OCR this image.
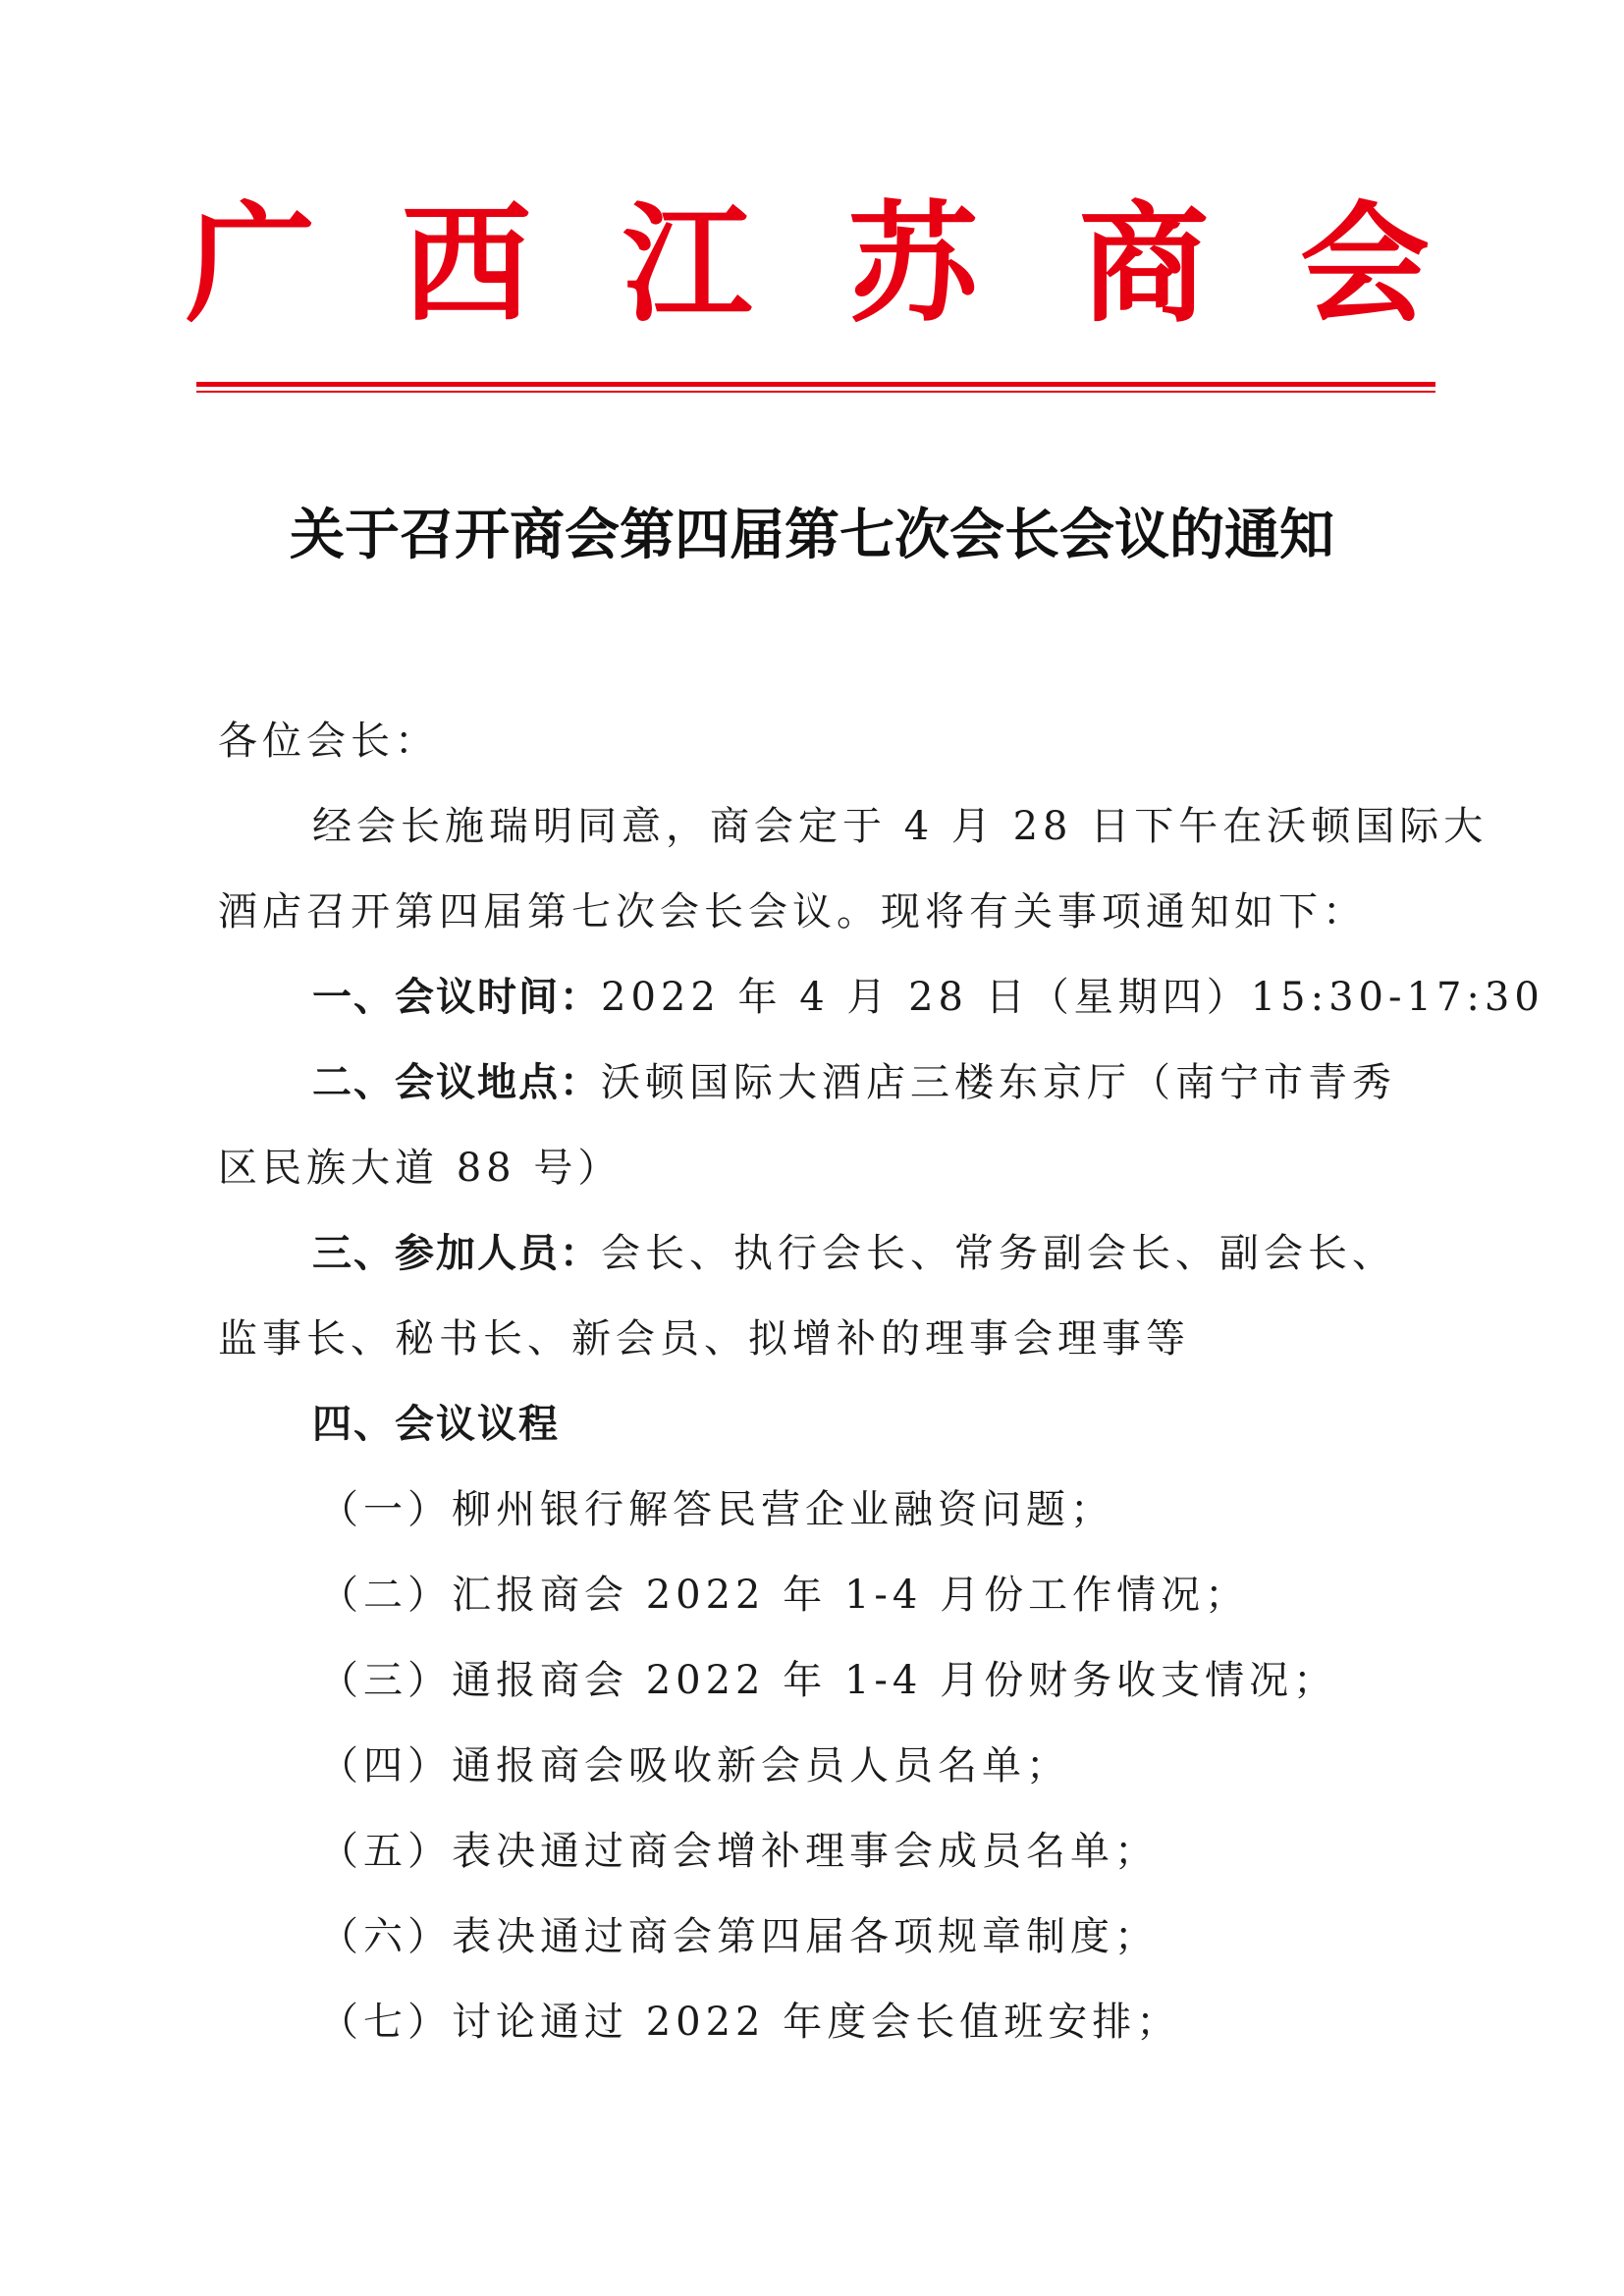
广 西 江 苏 商 会
关于召开商会第四届第七次会长会议的通知
各位会长：
经会长施瑞明同意，商会定于 4 月 28 日下午在沃顿国际大
酒店召开第四届第七次会长会议。现将有关事项通知如下：
一、会议时间：2022 年 4 月 28 日（星期四）15:30-17:30
二、会议地点：沃顿国际大酒店三楼东京厅（南宁市青秀
区民族大道 88 号）
三、参加人员：会长、执行会长、常务副会长、副会长、
监事长、秘书长、新会员、拟增补的理事会理事等
四、会议议程
（一）柳州银行解答民营企业融资问题；
（二）汇报商会 2022 年 1-4 月份工作情况；
（三）通报商会 2022 年 1-4 月份财务收支情况；
（四）通报商会吸收新会员人员名单；
（五）表决通过商会增补理事会成员名单；
（六）表决通过商会第四届各项规章制度；
（七）讨论通过 2022 年度会长值班安排；
